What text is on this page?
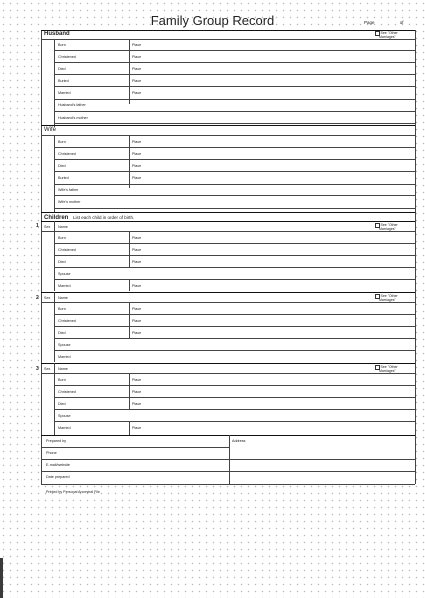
Family Group Record	Page	of
Husband	See "Other
Marriages"
Born	Place
Christened	Place
Died	Place
Buried	Place
Married	Place
Husband's father
Husband's mother
Wife
Born	Place
Christened	Place
Died	Place
Buried	Place
Wife's father
Wife's mother
Children List each child in order of birth.
1 Sex Name	See "Other
Marriages"
Born	Place
Christened	Place
Died	Place
Spouse
Married	Place
2 Sex Name	See "Other
Marriages"
Born	Place
Christened	Place
Died	Place
Spouse
Married
3 Sex Name	See "Other
Marriages"
Born	Place
Christened	Place
Died	Place
Spouse
Married	Place
Prepared by	Address
Phone
E-mail/website
Date prepared
Printed by Personal Ancestral File
